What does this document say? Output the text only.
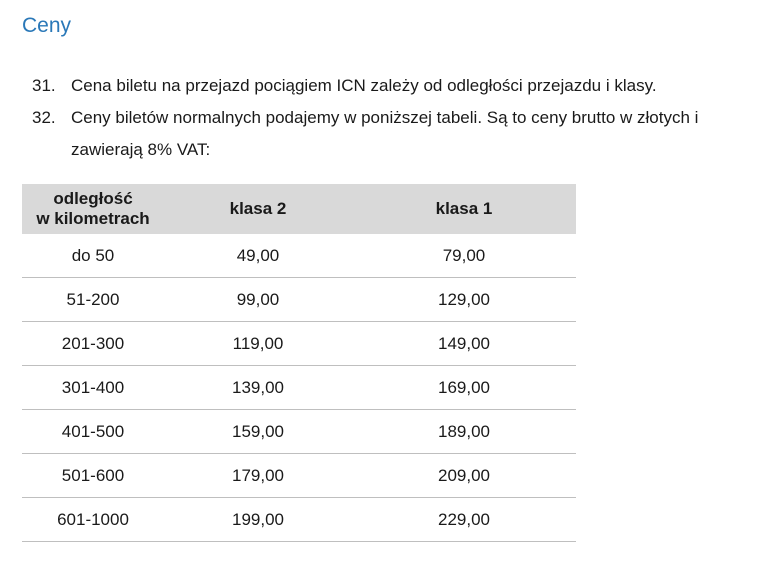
Ceny
31. Cena biletu na przejazd pociągiem ICN zależy od odległości przejazdu i klasy.
32. Ceny biletów normalnych podajemy w poniższej tabeli. Są to ceny brutto w złotych i zawierają 8% VAT:
odległość
w kilometrach	klasa 2	klasa 1
do 50	49,00	79,00
51-200	99,00	129,00
201-300	119,00	149,00
301-400	139,00	169,00
401-500	159,00	189,00
501-600	179,00	209,00
601-1000	199,00	229,00
